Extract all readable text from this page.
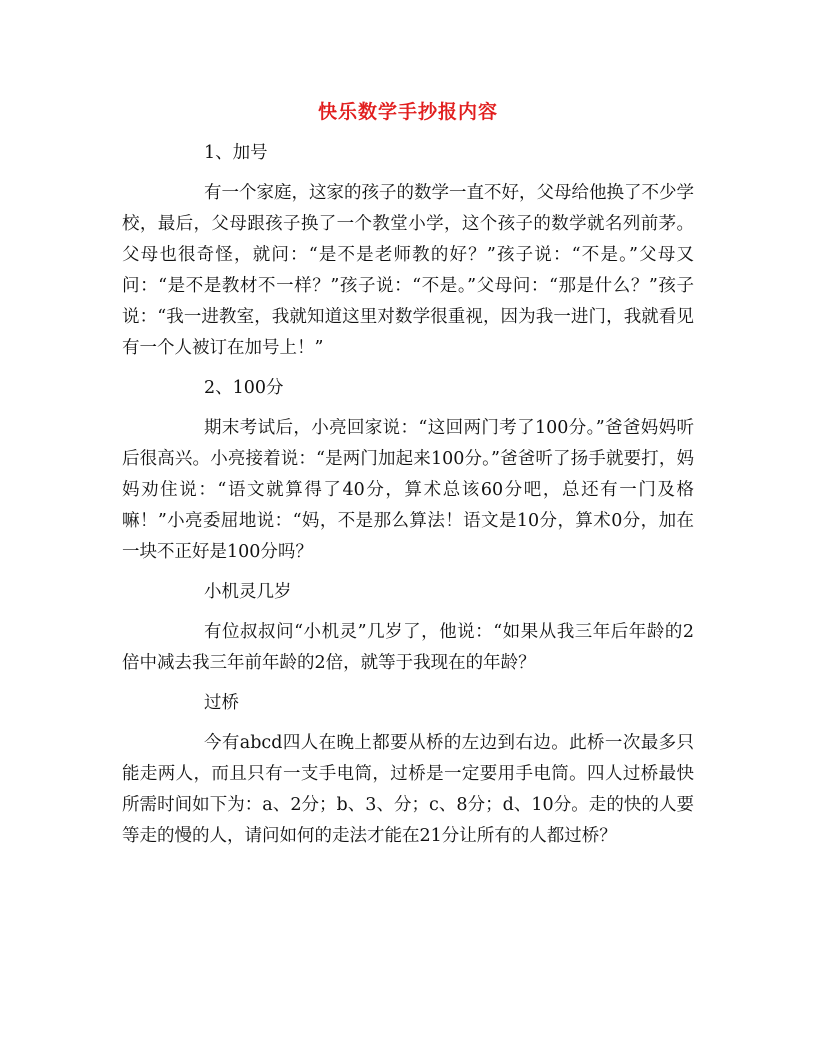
快乐数学手抄报内容

1、加号

有一个家庭，这家的孩子的数学一直不好，父母给他换了不少学校，最后，父母跟孩子换了一个教堂小学，这个孩子的数学就名列前茅。父母也很奇怪，就问：“是不是老师教的好？”孩子说：“不是。”父母又问：“是不是教材不一样？”孩子说：“不是。”父母问：“那是什么？”孩子说：“我一进教室，我就知道这里对数学很重视，因为我一进门，我就看见有一个人被订在加号上！”

2、100分

期末考试后，小亮回家说：“这回两门考了100分。”爸爸妈妈听后很高兴。小亮接着说：“是两门加起来100分。”爸爸听了扬手就要打，妈妈劝住说：“语文就算得了40分，算术总该60分吧，总还有一门及格嘛！”小亮委屈地说：“妈，不是那么算法！语文是10分，算术0分，加在一块不正好是100分吗？

小机灵几岁

有位叔叔问“小机灵”几岁了，他说：“如果从我三年后年龄的2倍中减去我三年前年龄的2倍，就等于我现在的年龄？

过桥

今有abcd四人在晚上都要从桥的左边到右边。此桥一次最多只能走两人，而且只有一支手电筒，过桥是一定要用手电筒。四人过桥最快所需时间如下为：a、2分；b、3、分；c、8分；d、10分。走的快的人要等走的慢的人，请问如何的走法才能在21分让所有的人都过桥？
